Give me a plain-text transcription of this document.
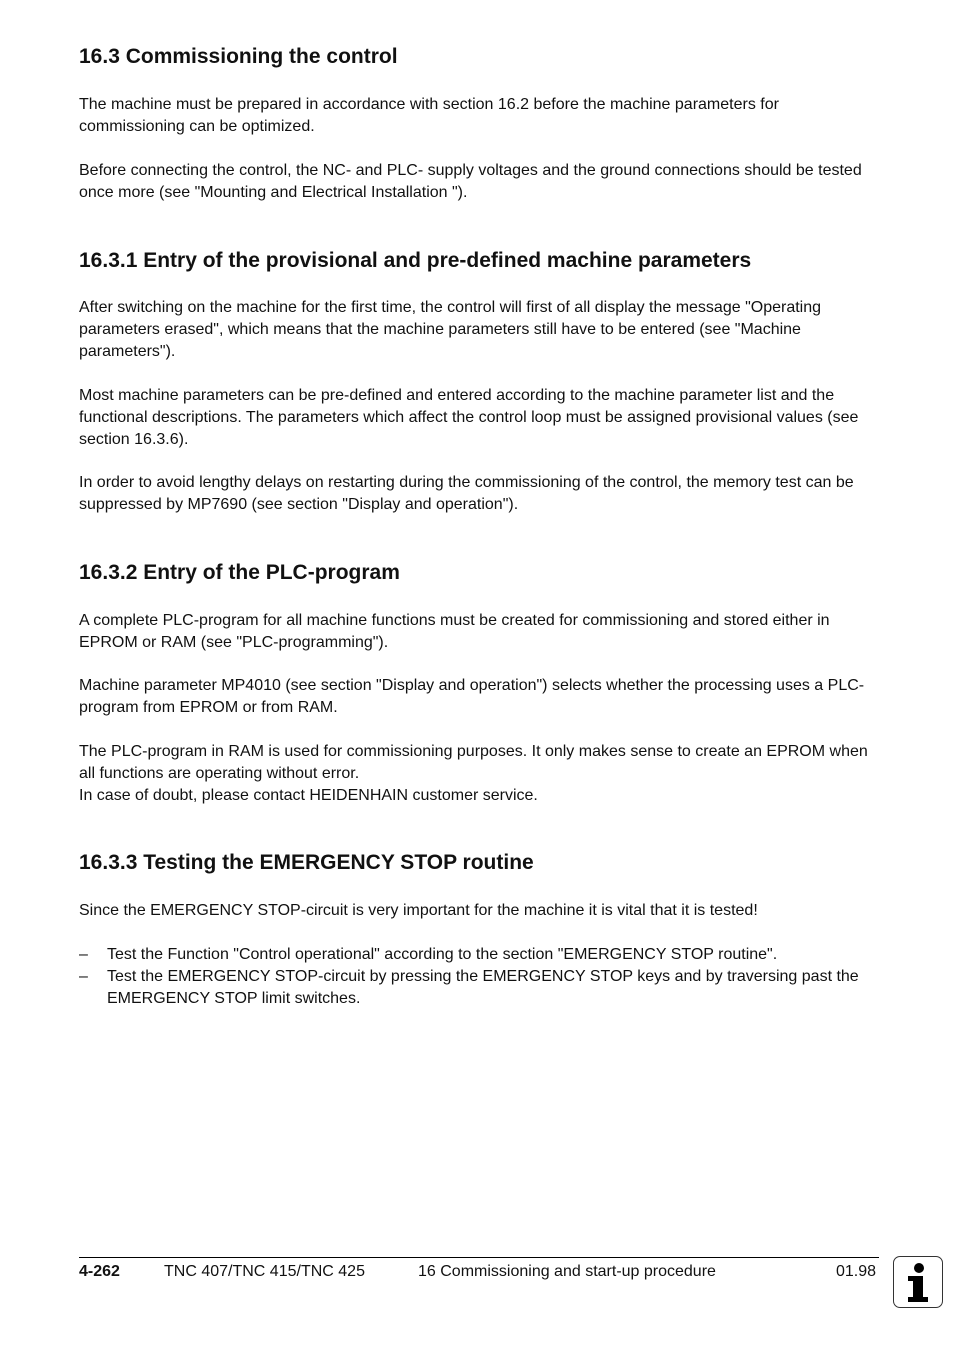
16.3 Commissioning the control

The machine must be prepared in accordance with section 16.2 before the machine parameters for commissioning can be optimized.

Before connecting the control, the NC- and PLC- supply voltages and the ground connections should be tested once more (see "Mounting and Electrical Installation ").

16.3.1 Entry of the provisional and pre-defined machine parameters

After switching on the machine for the first time, the control will first of all display the message "Operating parameters erased", which means that the machine parameters still have to be entered (see "Machine parameters").

Most machine parameters can be pre-defined and entered according to the machine parameter list and the functional descriptions. The parameters which affect the control loop must be assigned provisional values (see section 16.3.6).

In order to avoid lengthy delays on restarting during the commissioning of the control, the memory test can be suppressed by MP7690 (see section "Display and operation").

16.3.2 Entry of the PLC-program

A complete PLC-program for all machine functions must be created for commissioning and stored either in EPROM or RAM (see "PLC-programming").

Machine parameter MP4010 (see section "Display and operation") selects whether the processing uses a PLC-program from EPROM or from RAM.

The PLC-program in RAM is used for commissioning purposes. It only makes sense to create an EPROM when all functions are operating without error.

In case of doubt, please contact HEIDENHAIN customer service.

16.3.3 Testing the EMERGENCY STOP routine

Since the EMERGENCY STOP-circuit is very important for the machine it is vital that it is tested!

– Test the Function "Control operational" according to the section "EMERGENCY STOP routine".
– Test the EMERGENCY STOP-circuit by pressing the EMERGENCY STOP keys and by traversing past the EMERGENCY STOP limit switches.
4-262	TNC 407/TNC 415/TNC 425	16 Commissioning and start-up procedure	01.98
